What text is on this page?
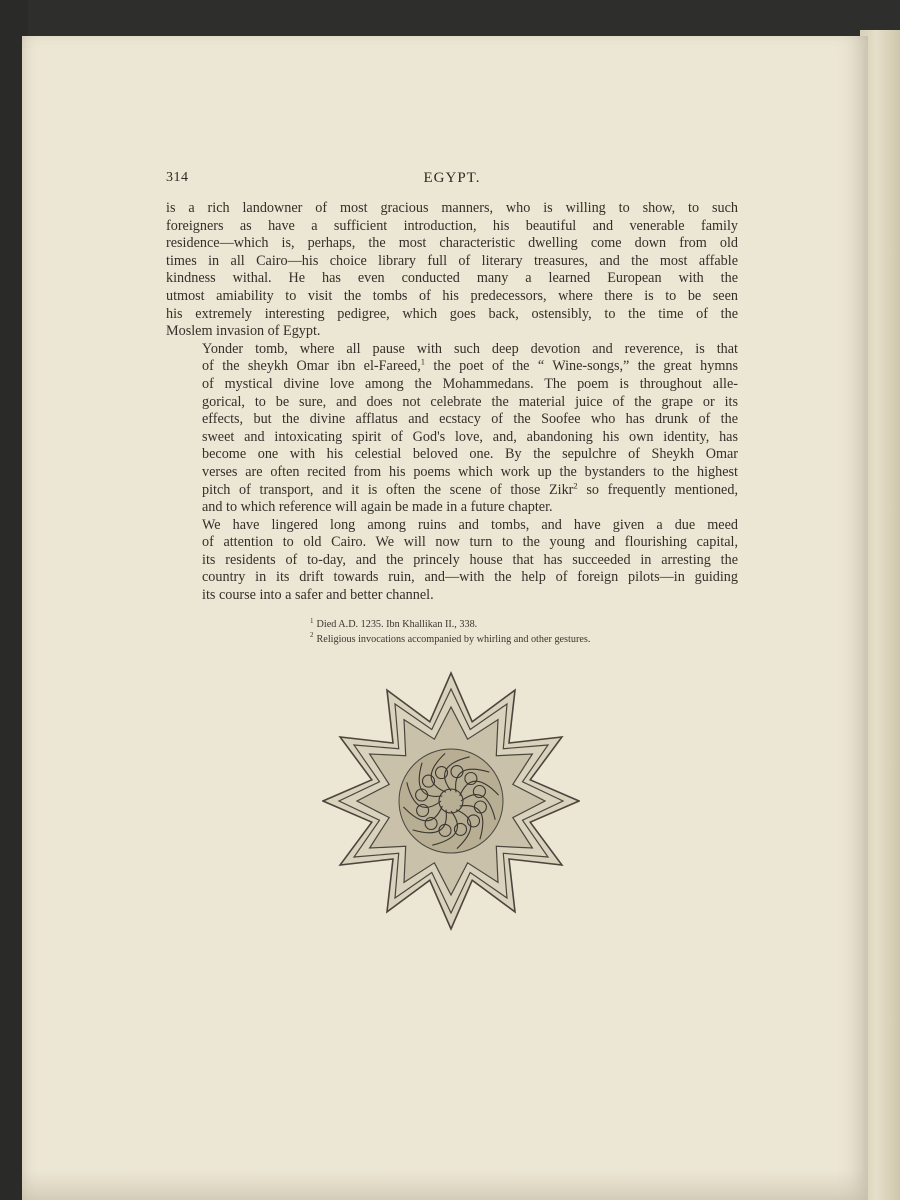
314	EGYPT.
is a rich landowner of most gracious manners, who is willing to show, to such
foreigners as have a sufficient introduction, his beautiful and venerable family
residence—which is, perhaps, the most characteristic dwelling come down from old
times in all Cairo—his choice library full of literary treasures, and the most affable
kindness withal. He has even conducted many a learned European with the
utmost amiability to visit the tombs of his predecessors, where there is to be seen
his extremely interesting pedigree, which goes back, ostensibly, to the time of the
Moslem invasion of Egypt.
Yonder tomb, where all pause with such deep devotion and reverence, is that
of the sheykh Omar ibn el-Fareed,$^1$ the poet of the “ Wine-songs,” the great hymns
of mystical divine love among the Mohammedans. The poem is throughout alle-
gorical, to be sure, and does not celebrate the material juice of the grape or its
effects, but the divine afflatus and ecstacy of the Soofee who has drunk of the
sweet and intoxicating spirit of God's love, and, abandoning his own identity, has
become one with his celestial beloved one. By the sepulchre of Sheykh Omar
verses are often recited from his poems which work up the bystanders to the highest
pitch of transport, and it is often the scene of those Zikr$^2$ so frequently mentioned,
and to which reference will again be made in a future chapter.
We have lingered long among ruins and tombs, and have given a due meed
of attention to old Cairo. We will now turn to the young and flourishing capital,
its residents of to-day, and the princely house that has succeeded in arresting the
country in its drift towards ruin, and—with the help of foreign pilots—in guiding
its course into a safer and better channel.
$^1$ Died A.D. 1235. Ibn Khallikan II., 338.
$^2$ Religious invocations accompanied by whirling and other gestures.
